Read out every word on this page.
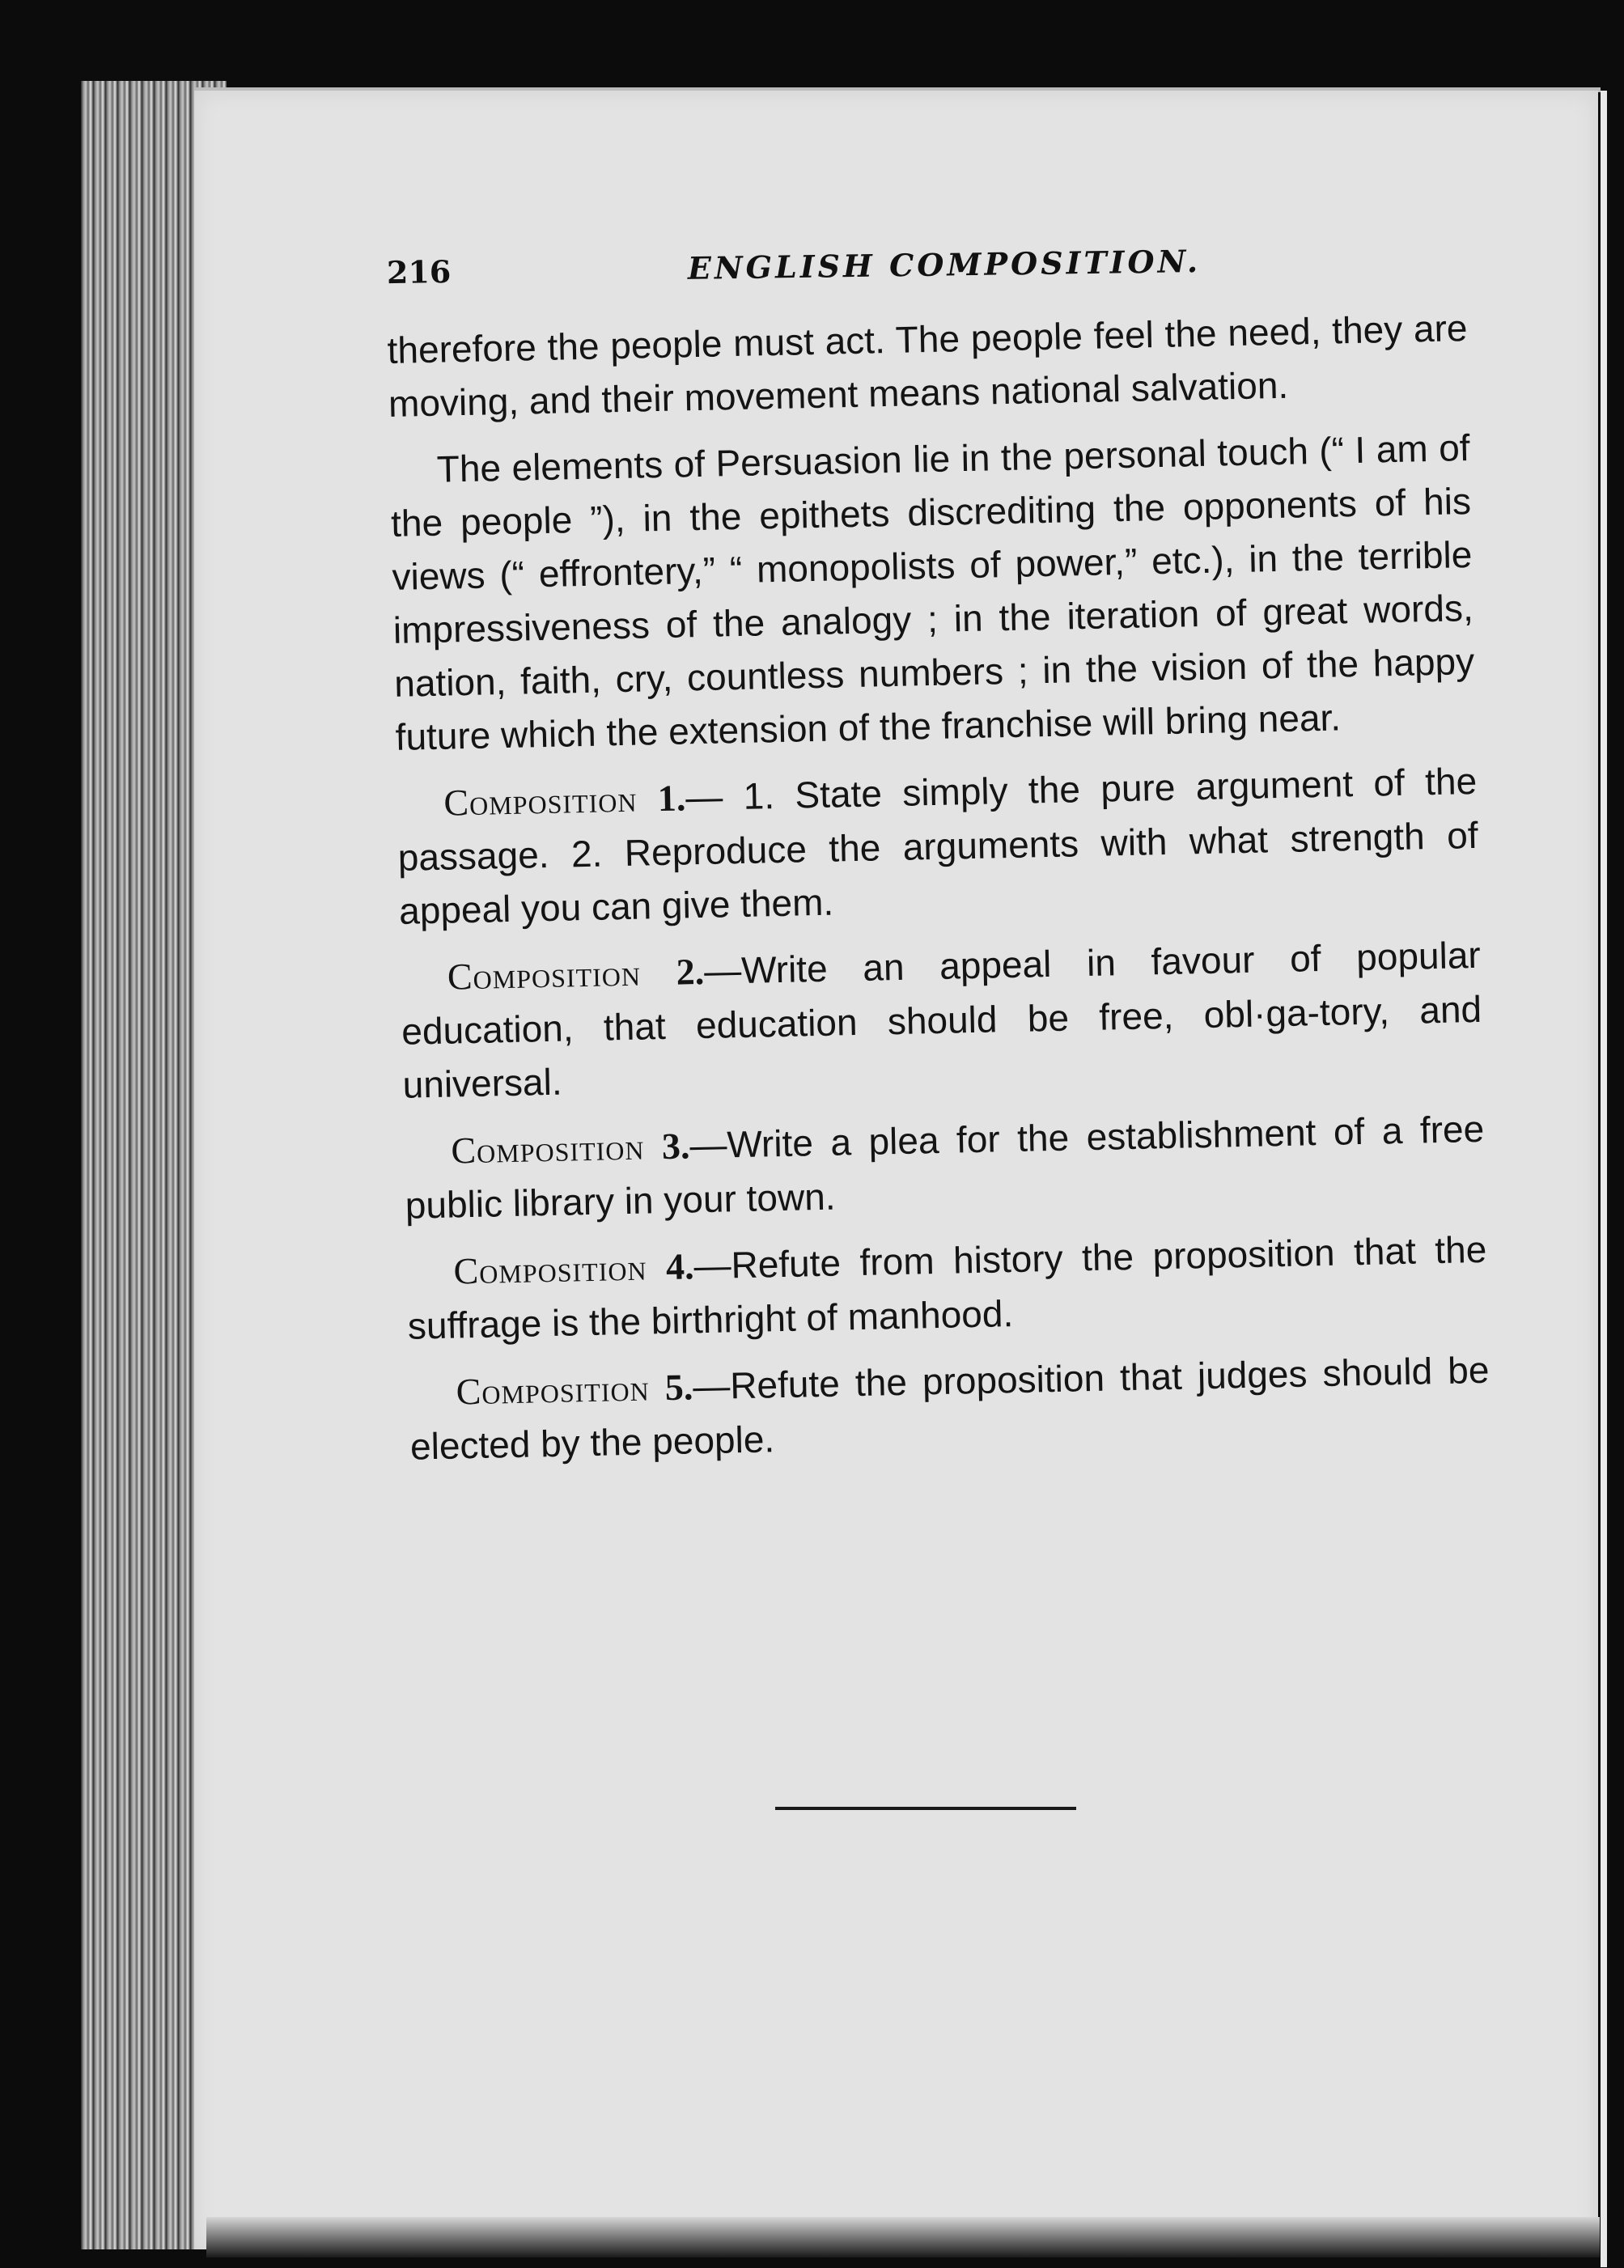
216	ENGLISH COMPOSITION.

therefore the people must act. The people feel the need, they are moving, and their movement means national salvation.

The elements of Persuasion lie in the personal touch (“ I am of the people ”), in the epithets discrediting the opponents of his views (“ effrontery,” “ monopolists of power,” etc.), in the terrible impressiveness of the analogy ; in the iteration of great words, nation, faith, cry, countless numbers ; in the vision of the happy future which the extension of the franchise will bring near.

Composition 1.— 1. State simply the pure argument of the passage. 2. Reproduce the arguments with what strength of appeal you can give them.

Composition 2.—Write an appeal in favour of popular education, that education should be free, obl·ga-tory, and universal.

Composition 3.—Write a plea for the establishment of a free public library in your town.

Composition 4.—Refute from history the proposition that the suffrage is the birthright of manhood.

Composition 5.—Refute the proposition that judges should be elected by the people.
